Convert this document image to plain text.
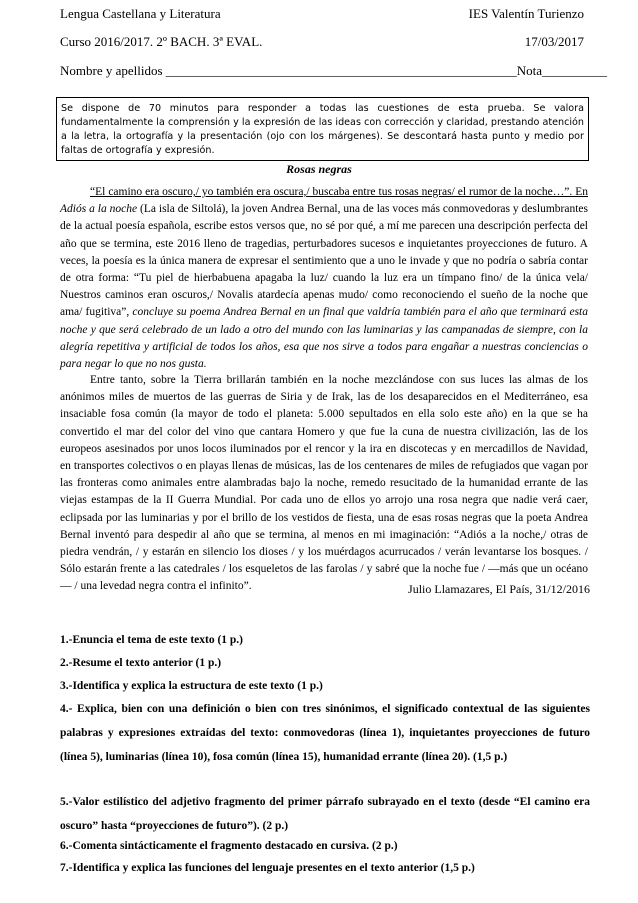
Lengua Castellana y Literatura	IES Valentín Turienzo
Curso 2016/2017. 2º BACH. 3ª EVAL.	17/03/2017
Nombre y apellidos ______________________________________________________Nota__________
Se dispone de 70 minutos para responder a todas las cuestiones de esta prueba. Se valora fundamentalmente la comprensión y la expresión de las ideas con corrección y claridad, prestando atención a la letra, la ortografía y la presentación (ojo con los márgenes). Se descontará hasta punto y medio por faltas de ortografía y expresión.
Rosas negras

“El camino era oscuro,/ yo también era oscura,/ buscaba entre tus rosas negras/ el rumor de la noche…”. En Adiós a la noche (La isla de Siltolá), la joven Andrea Bernal, una de las voces más conmovedoras y deslumbrantes de la actual poesía española, escribe estos versos que, no sé por qué, a mí me parecen una descripción perfecta del año que se termina, este 2016 lleno de tragedias, perturbadores sucesos e inquietantes proyecciones de futuro. A veces, la poesía es la única manera de expresar el sentimiento que a uno le invade y que no podría o sabría contar de otra forma: “Tu piel de hierbabuena apagaba la luz/ cuando la luz era un tímpano fino/ de la única vela/ Nuestros caminos eran oscuros,/ Novalis atardecía apenas mudo/ como reconociendo el sueño de la noche que ama/ fugitiva”, concluye su poema Andrea Bernal en un final que valdría también para el año que terminará esta noche y que será celebrado de un lado a otro del mundo con las luminarias y las campanadas de siempre, con la alegría repetitiva y artificial de todos los años, esa que nos sirve a todos para engañar a nuestras conciencias o para negar lo que no nos gusta.

Entre tanto, sobre la Tierra brillarán también en la noche mezclándose con sus luces las almas de los anónimos miles de muertos de las guerras de Siria y de Irak, las de los desaparecidos en el Mediterráneo, esa insaciable fosa común (la mayor de todo el planeta: 5.000 sepultados en ella solo este año) en la que se ha convertido el mar del color del vino que cantara Homero y que fue la cuna de nuestra civilización, las de los europeos asesinados por unos locos iluminados por el rencor y la ira en discotecas y en mercadillos de Navidad, en transportes colectivos o en playas llenas de músicas, las de los centenares de miles de refugiados que vagan por las fronteras como animales entre alambradas bajo la noche, remedo resucitado de la humanidad errante de las viejas estampas de la II Guerra Mundial. Por cada uno de ellos yo arrojo una rosa negra que nadie verá caer, eclipsada por las luminarias y por el brillo de los vestidos de fiesta, una de esas rosas negras que la poeta Andrea Bernal inventó para despedir al año que se termina, al menos en mi imaginación: “Adiós a la noche,/ otras de piedra vendrán, / y estarán en silencio los dioses / y los muérdagos acurrucados / verán levantarse los bosques. / Sólo estarán frente a las catedrales / los esqueletos de las farolas / y sabré que la noche fue / —más que un océano— / una levedad negra contra el infinito”.	Julio Llamazares, El País, 31/12/2016

1.-Enuncia el tema de este texto (1 p.)

2.-Resume el texto anterior (1 p.)

3.-Identifica y explica la estructura de este texto (1 p.)

4.- Explica, bien con una definición o bien con tres sinónimos, el significado contextual de las siguientes palabras y expresiones extraídas del texto: conmovedoras (línea 1), inquietantes proyecciones de futuro (línea 5), luminarias (línea 10), fosa común (línea 15), humanidad errante (línea 20). (1,5 p.)

5.-Valor estilístico del adjetivo fragmento del primer párrafo subrayado en el texto (desde “El camino era oscuro” hasta “proyecciones de futuro”). (2 p.)

6.-Comenta sintácticamente el fragmento destacado en cursiva. (2 p.)

7.-Identifica y explica las funciones del lenguaje presentes en el texto anterior (1,5 p.)
